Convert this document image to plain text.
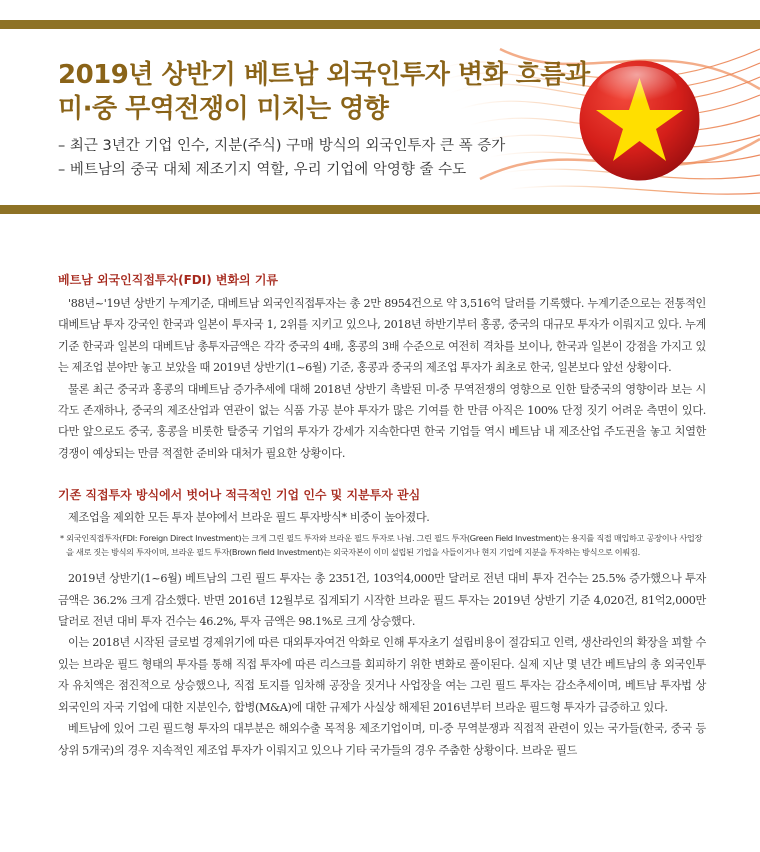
2019년 상반기 베트남 외국인투자 변화 흐름과
미·중 무역전쟁이 미치는 영향
– 최근 3년간 기업 인수, 지분(주식) 구매 방식의 외국인투자 큰 폭 증가
– 베트남의 중국 대체 제조기지 역할, 우리 기업에 악영향 줄 수도
베트남 외국인직접투자(FDI) 변화의 기류

'88년~'19년 상반기 누계기준, 대베트남 외국인직접투자는 총 2만 8954건으로 약 3,516억 달러를 기록했다. 누계기준으로는 전통적인 대베트남 투자 강국인 한국과 일본이 투자국 1, 2위를 지키고 있으나, 2018년 하반기부터 홍콩, 중국의 대규모 투자가 이뤄지고 있다. 누계기준 한국과 일본의 대베트남 총투자금액은 각각 중국의 4배, 홍콩의 3배 수준으로 여전히 격차를 보이나, 한국과 일본이 강점을 가지고 있는 제조업 분야만 놓고 보았을 때 2019년 상반기(1~6월) 기준, 홍콩과 중국의 제조업 투자가 최초로 한국, 일본보다 앞선 상황이다.

물론 최근 중국과 홍콩의 대베트남 증가추세에 대해 2018년 상반기 촉발된 미-중 무역전쟁의 영향으로 인한 탈중국의 영향이라 보는 시각도 존재하나, 중국의 제조산업과 연관이 없는 식품 가공 분야 투자가 많은 기여를 한 만큼 아직은 100% 단정 짓기 어려운 측면이 있다. 다만 앞으로도 중국, 홍콩을 비롯한 탈중국 기업의 투자가 강세가 지속한다면 한국 기업들 역시 베트남 내 제조산업 주도권을 놓고 치열한 경쟁이 예상되는 만큼 적절한 준비와 대처가 필요한 상황이다.

기존 직접투자 방식에서 벗어나 적극적인 기업 인수 및 지분투자 관심

제조업을 제외한 모든 투자 분야에서 브라운 필드 투자방식* 비중이 높아졌다.

* 외국인직접투자(FDI: Foreign Direct Investment)는 크게 그린 필드 투자와 브라운 필드 투자로 나뉨. 그린 필드 투자(Green Field Investment)는 용지를 직접 매입하고 공장이나 사업장을 새로 짓는 방식의 투자이며, 브라운 필드 투자(Brown field Investment)는 외국자본이 이미 설립된 기업을 사들이거나 현지 기업에 지분을 투자하는 방식으로 이뤄짐.

2019년 상반기(1~6월) 베트남의 그린 필드 투자는 총 2351건, 103억4,000만 달러로 전년 대비 투자 건수는 25.5% 증가했으나 투자 금액은 36.2% 크게 감소했다. 반면 2016년 12월부로 집계되기 시작한 브라운 필드 투자는 2019년 상반기 기준 4,020건, 81억2,000만 달러로 전년 대비 투자 건수는 46.2%, 투자 금액은 98.1%로 크게 상승했다.

이는 2018년 시작된 글로벌 경제위기에 따른 대외투자여건 악화로 인해 투자초기 설립비용이 절감되고 인력, 생산라인의 확장을 꾀할 수 있는 브라운 필드 형태의 투자를 통해 직접 투자에 따른 리스크를 회피하기 위한 변화로 풀이된다. 실제 지난 몇 년간 베트남의 총 외국인투자 유치액은 점진적으로 상승했으나, 직접 토지를 임차해 공장을 짓거나 사업장을 여는 그린 필드 투자는 감소추세이며, 베트남 투자법 상 외국인의 자국 기업에 대한 지분인수, 합병(M&A)에 대한 규제가 사실상 해제된 2016년부터 브라운 필드형 투자가 급증하고 있다.

베트남에 있어 그린 필드형 투자의 대부분은 해외수출 목적용 제조기업이며, 미-중 무역분쟁과 직접적 관련이 있는 국가들(한국, 중국 등 상위 5개국)의 경우 지속적인 제조업 투자가 이뤄지고 있으나 기타 국가들의 경우 주춤한 상황이다. 브라운 필드
